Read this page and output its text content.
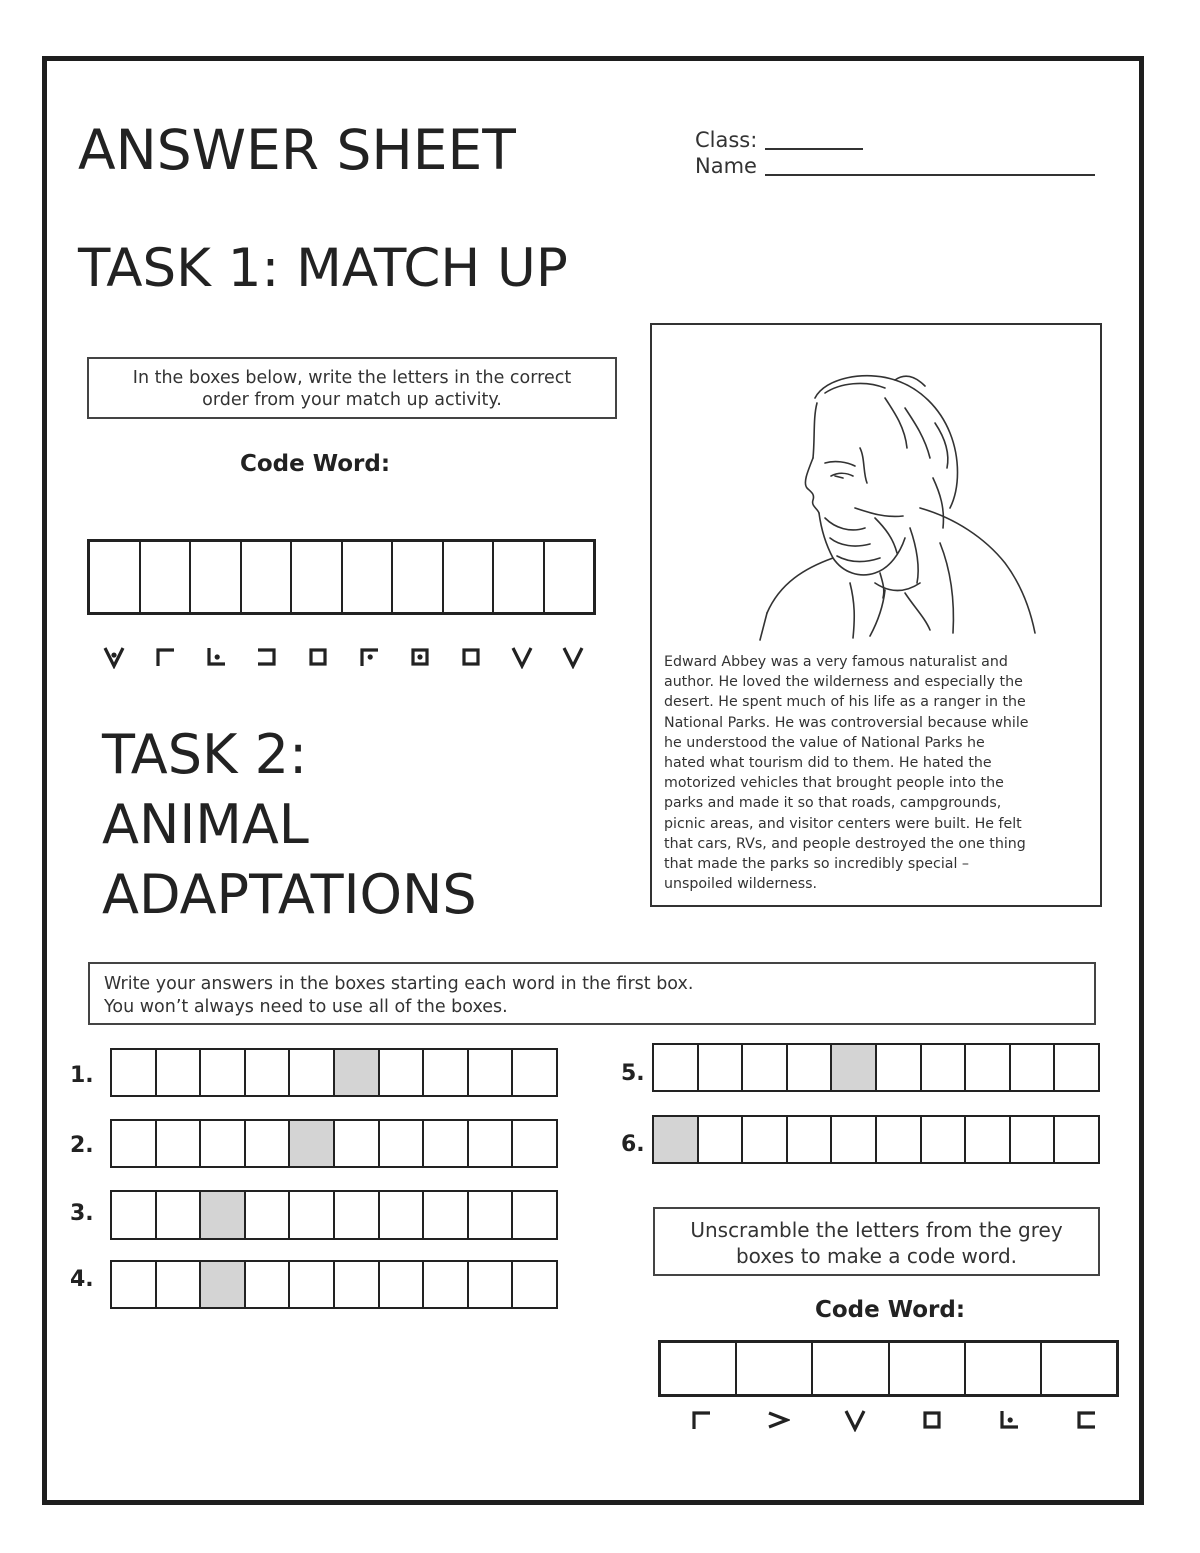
ANSWER SHEET	Class:
Name
TASK 1: MATCH UP
In the boxes below, write the letters in the correct
order from your match up activity.
Code Word:
Edward Abbey was a very famous naturalist and
author. He loved the wilderness and especially the
desert. He spent much of his life as a ranger in the
National Parks. He was controversial because while
he understood the value of National Parks he
hated what tourism did to them. He hated the
motorized vehicles that brought people into the
parks and made it so that roads, campgrounds,
picnic areas, and visitor centers were built. He felt
that cars, RVs, and people destroyed the one thing
that made the parks so incredibly special –
unspoiled wilderness.
TASK 2:
ANIMAL
ADAPTATIONS
Write your answers in the boxes starting each word in the first box.
You won’t always need to use all of the boxes.
1.
2.
3.
4.
5.
6.
Unscramble the letters from the grey
boxes to make a code word.
Code Word:
